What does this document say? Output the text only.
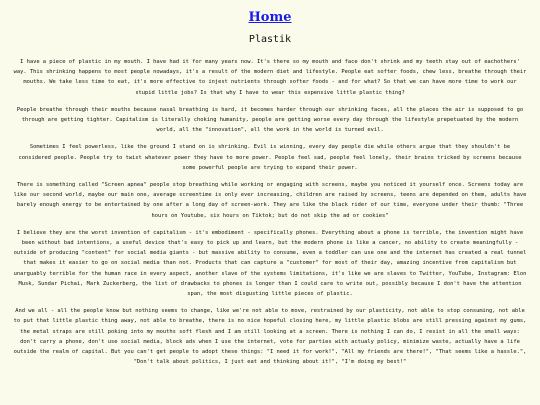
Home
Plastik

I have a piece of plastic in my mouth. I have had it for many years now. It's there so my mouth and face don't shrink and my teeth stay out of eachothers' way. This shrinking happens to most people nowadays, it's a result of the modern diet and lifestyle. People eat softer foods, chew less, breathe through their mouths. We take less time to eat, it's more effective to injest nutrients through softer foods - and for what? So that we can have more time to work our stupid little jobs? Is that why I have to wear this expensive little plastic thing?

People breathe through their mouths because nasal breathing is hard, it becomes harder through our shrinking faces, all the places the air is supposed to go through are getting tighter. Capitalism is literally choking humanity, people are getting worse every day through the lifestyle prepetuated by the modern world, all the "innovation", all the work in the world is turned evil.

Sometimes I feel powerless, like the ground I stand on is shrinking. Evil is winning, every day people die while others argue that they shouldn't be considered people. People try to twist whatever power they have to more power. People feel sad, people feel lonely, their brains tricked by screens because some powerful people are trying to expand their power.

There is something called "Screen apnea" people stop breathing while working or engaging with screens, maybe you noticed it yourself once. Screens today are like our second world, maybe our main one, average screentime is only ever increasing, children are raised by screens, teens are depended on them, adults have barely enough energy to be entertained by one after a long day of screen-work. They are like the black rider of our time, everyone under their thumb: "Three hours on Youtube, six hours on Tiktok; but do not skip the ad or cookies"

I believe they are the worst invention of capitalism - it's embodiment - specifically phones. Everything about a phone is terrible, the invention might have been without bad intentions, a useful device that's easy to pick up and learn, but the modern phone is like a cancer, no ability to create meaningfully - outside of producing "content" for social media giants - but massive ability to consume, even a toddler can use one and the internet has created a real tunnel that makes it easier to go on social media than not. Products that can capture a "customer" for most of their day, amazing incentive from capitalism but unarguably terrible for the human race in every aspect, another slave of the systems limitations, it's like we are slaves to Twitter, YouTube, Instagram: Elon Musk, Sundar Pichai, Mark Zuckerberg, the list of drawbacks to phones is longer than I could care to write out, possibly because I don't have the attention span, the most disgusting little pieces of plastic.

And we all - all the people know but nothing seems to change, like we're not able to move, restrained by our plasticity, not able to stop consuming, not able to put that little plastic thing away, not able to breathe, there is no nice hopeful closing here, my little plastic blobs are still pressing against my gums, the metal straps are still poking into my mouths soft flesh and I am still looking at a screen. There is nothing I can do, I resist in all the small ways: don't carry a phone, don't use social media, block ads when I use the internet, vote for parties with actualy policy, minimize waste, actually have a life outside the realm of capital. But you can't get people to adopt these things: "I need it for work!", "All my friends are there!", "That seems like a hassle.", "Don't talk about politics, I just eat and thinking about it!", "I'm doing my best!"
